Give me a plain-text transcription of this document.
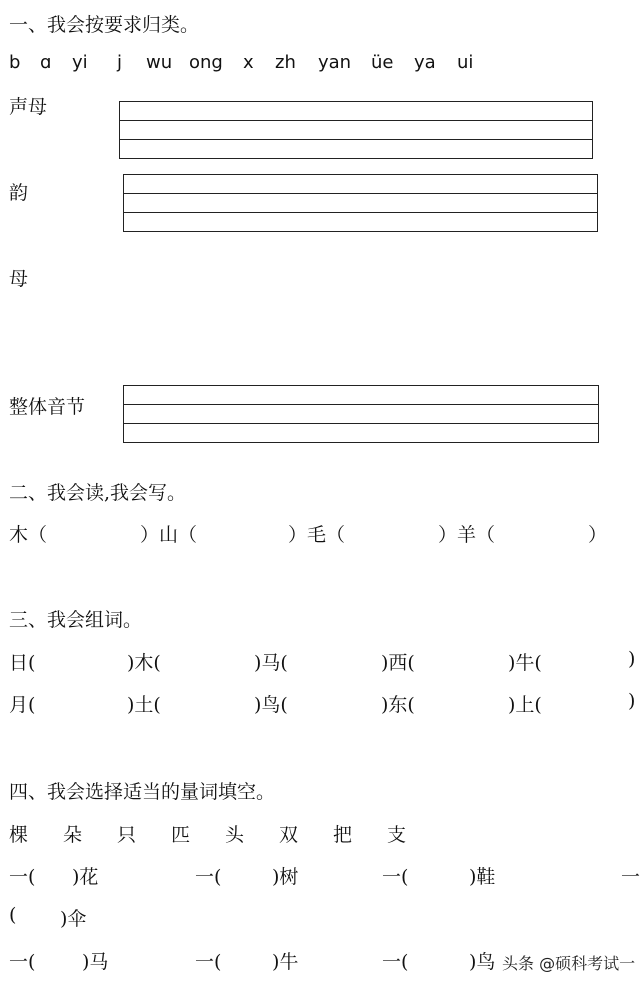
一、我会按要求归类。
b ɑ yi j wu ong x zh yan üe ya ui
声母
韵
母
整体音节
二、我会读,我会写。
木（	）山（	）毛（	）羊（	）
三、我会组词。
日(	)木(	)马(	)西(	)牛(	)
月(	)土(	)鸟(	)东(	)上(	)
四、我会选择适当的量词填空。
棵 朵 只 匹 头 双 把 支
一( )花	一(	)树	一(	)鞋	一
( )伞
一( )马	一(	)牛	一(	)鸟 头条 @硕科考试一
